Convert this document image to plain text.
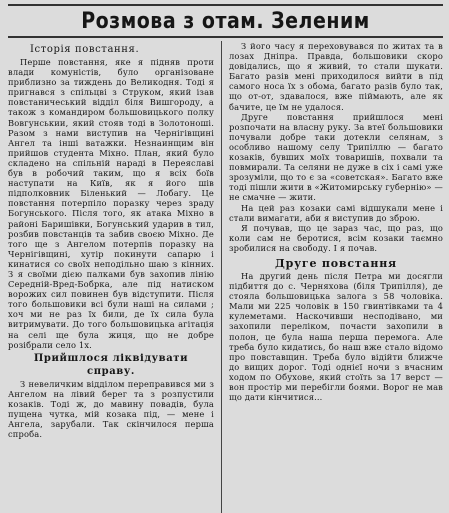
Розмова з отам. Зеленим
Історія повстання.

Перше повстання, яке я підняв проти влади комуністів, було організоване приблизно за тиждень до Великодня. Тоді я пригнався з спільцві з Струком, який ізав повстаничеський відділ біля Вишгороду, а також з командиром большовицького полку Вовгунськии, який стояв тоді в Золотоноші. Разом з нами виступив на Чернігівщині Ангел та інші ватажки. Незнаинщим він прийшов студента Міхно. План, який було складено на спільній нараді в Переяславі був в робочий таким, що я всіх боїв наступати на Київ, як я його шів підполковник Біленький — Лобагу. Це повстання потерпіло поразку через зраду Богунського. Після того, як атака Міхно в районі Баришівки, Богунський ударив в тил, розбив повстанців та забив своєю Міхно. Де того ще з Ангелом потерпів поразку на Чернігівщині, хутір покинути сапарю і кинатися со своїх неподільно шаю з кінних. З я своїми дією палками був захопив лінію Середній-Вред-Бобрка, але під натиском ворожих сил повинен був відступити. Після того большовики всі були наші на силами ; хоч ми не раз їх били, де їх сила була витримувати. До того большовицька агітація на селі ще була жиця, що не добре розібрали село 1х.

Прийшлося ліквідувати справу.

З невеличким відділом переправився ми з Ангелом на лівий берег та з розпустили козаків. Тоді ж, до мавину повадів, була пущена чутка, мій козака під, — мене і Ангела, зарубали. Так скінчилося перша спроба.

З його часу я переховувався по житах та в лозах Дніпра. Правда, большовики скоро довідались, що я живий, то стали шукати. Багато разів мені приходилося вийти в під самого носа їх з обома, багато разів було так, що от-от, здавалося, вже піймають, але як бачите, це їм не удалося.

Друге повстання прийшлося мені розпочати на власну руку. За втеї большовики почували добре таки дотекли селянам, з особливо нашому селу Трипіллю — багато козаків, бувших моїх товаришів, похвали та повмирали. Та селяни не дуже в сіх і самі уже зрозуміли, що то є за «советская». Багато вже тоді пішли жити в «Житомирську губернію» — не смачне — жити.

На цей раз козаки самі відшукали мене і стали вимагати, аби я виступив до зброю.

Я почував, що це зараз час, що раз, що коли сам не беротися, всім козаки таємно зробилися на свободу. І я почав.

Друге повстання

На другий день після Петра ми досягли підбиття до с. Черняхова (біля Трипілля), де стояла большовицька залога з 58 чоловіка. Мали ми 225 чоловік в 150 гвинтівками та 4 кулеметами. Наскочивши несподівано, ми захопили переліком, почасти захопили в полон, це була наша перша перемога. Але треба було кидатись, бо наш вже стало відомо про повставщин. Треба було відійти ближче до вищих дорог. Тоді однієї ночи з вчасним ходом по Обухове, який стоїть за 17 верст — вон простір ми перебігли боями. Ворог не мав що дати кінчитися...
